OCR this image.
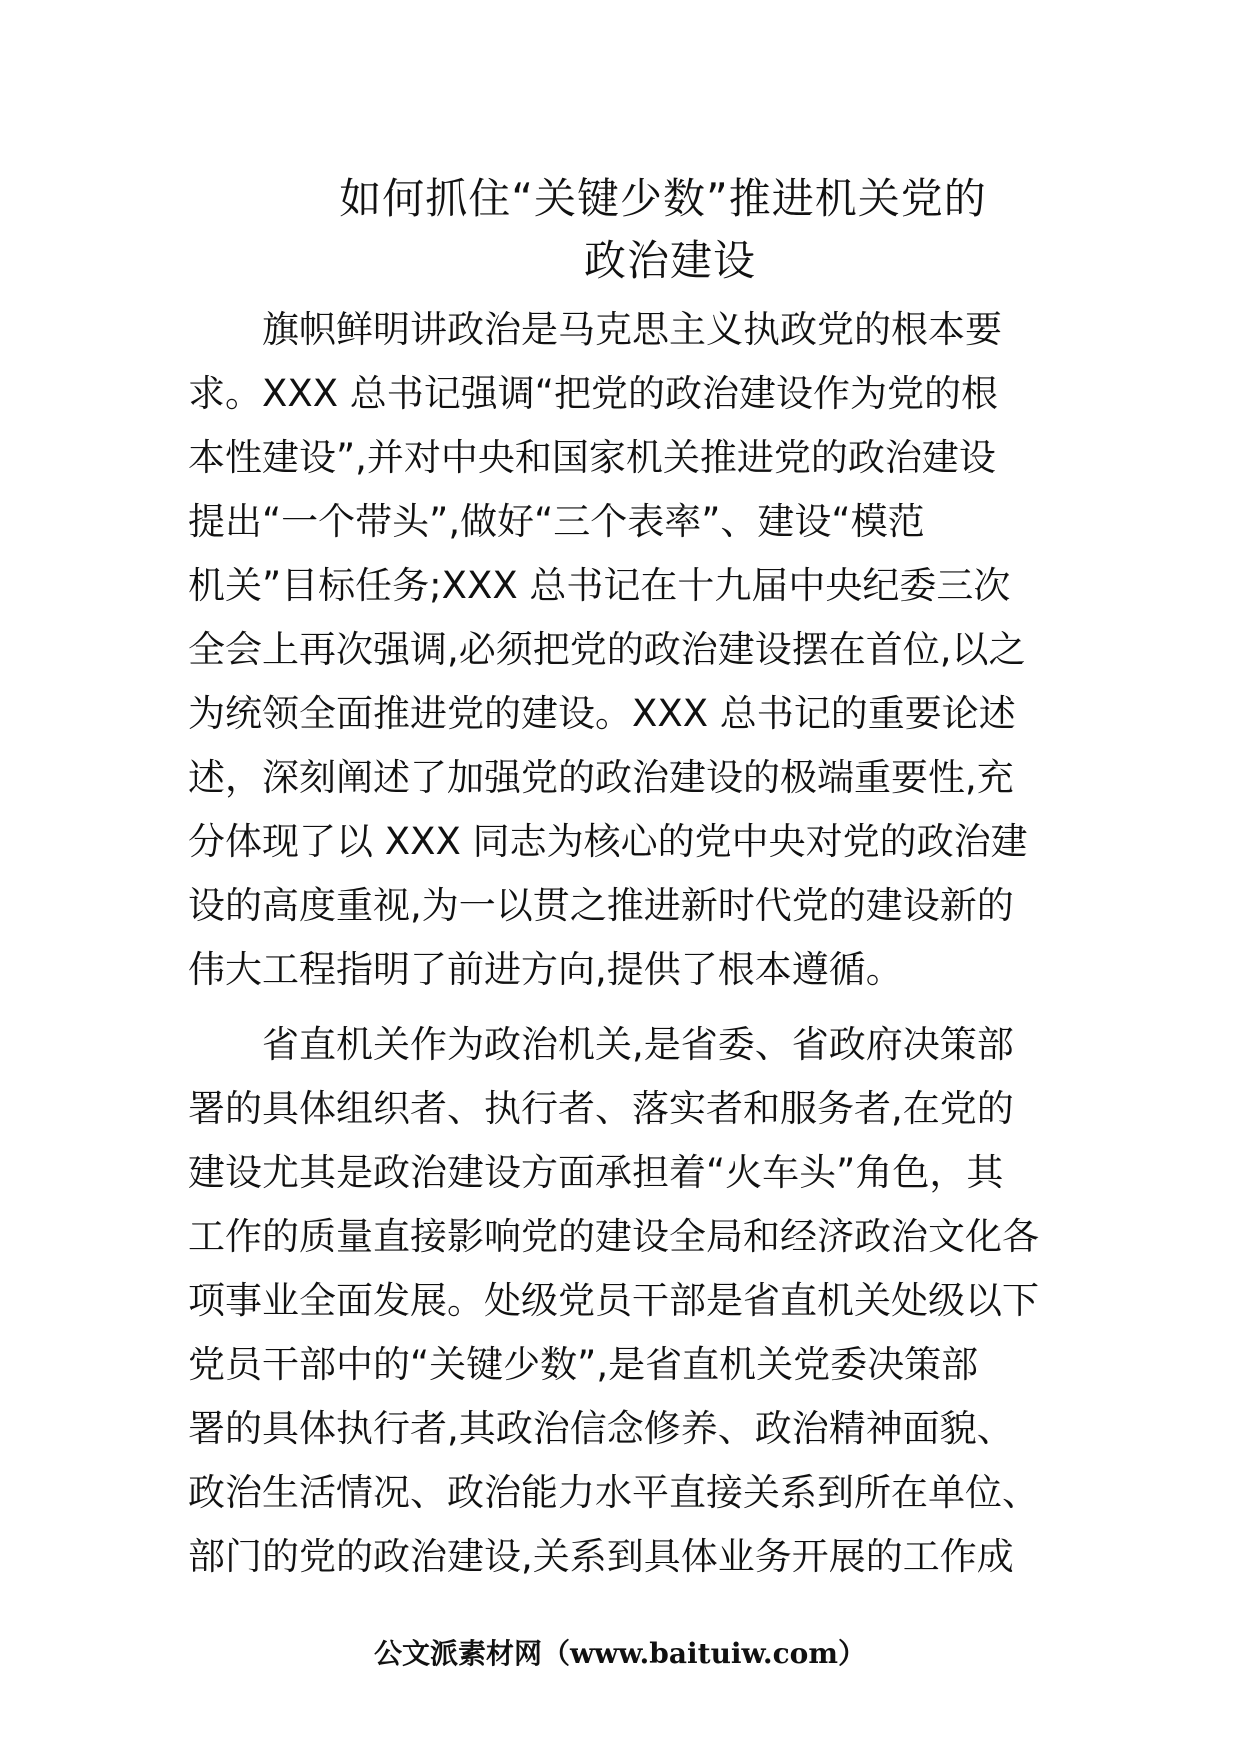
如何抓住“关键少数”推进机关党的
政治建设
　　旗帜鲜明讲政治是马克思主义执政党的根本要
求。XXX 总书记强调“把党的政治建设作为党的根
本性建设”,并对中央和国家机关推进党的政治建设
提出“一个带头”,做好“三个表率”、建设“模范
机关”目标任务;XXX 总书记在十九届中央纪委三次
全会上再次强调,必须把党的政治建设摆在首位,以之
为统领全面推进党的建设。XXX 总书记的重要论述
述，深刻阐述了加强党的政治建设的极端重要性,充
分体现了以 XXX 同志为核心的党中央对党的政治建
设的高度重视,为一以贯之推进新时代党的建设新的
伟大工程指明了前进方向,提供了根本遵循。
　　省直机关作为政治机关,是省委、省政府决策部
署的具体组织者、执行者、落实者和服务者,在党的
建设尤其是政治建设方面承担着“火车头”角色，其
工作的质量直接影响党的建设全局和经济政治文化各
项事业全面发展。处级党员干部是省直机关处级以下
党员干部中的“关键少数”,是省直机关党委决策部
署的具体执行者,其政治信念修养、政治精神面貌、
政治生活情况、政治能力水平直接关系到所在单位、
部门的党的政治建设,关系到具体业务开展的工作成
公文派素材网（www.baituiw.com）
